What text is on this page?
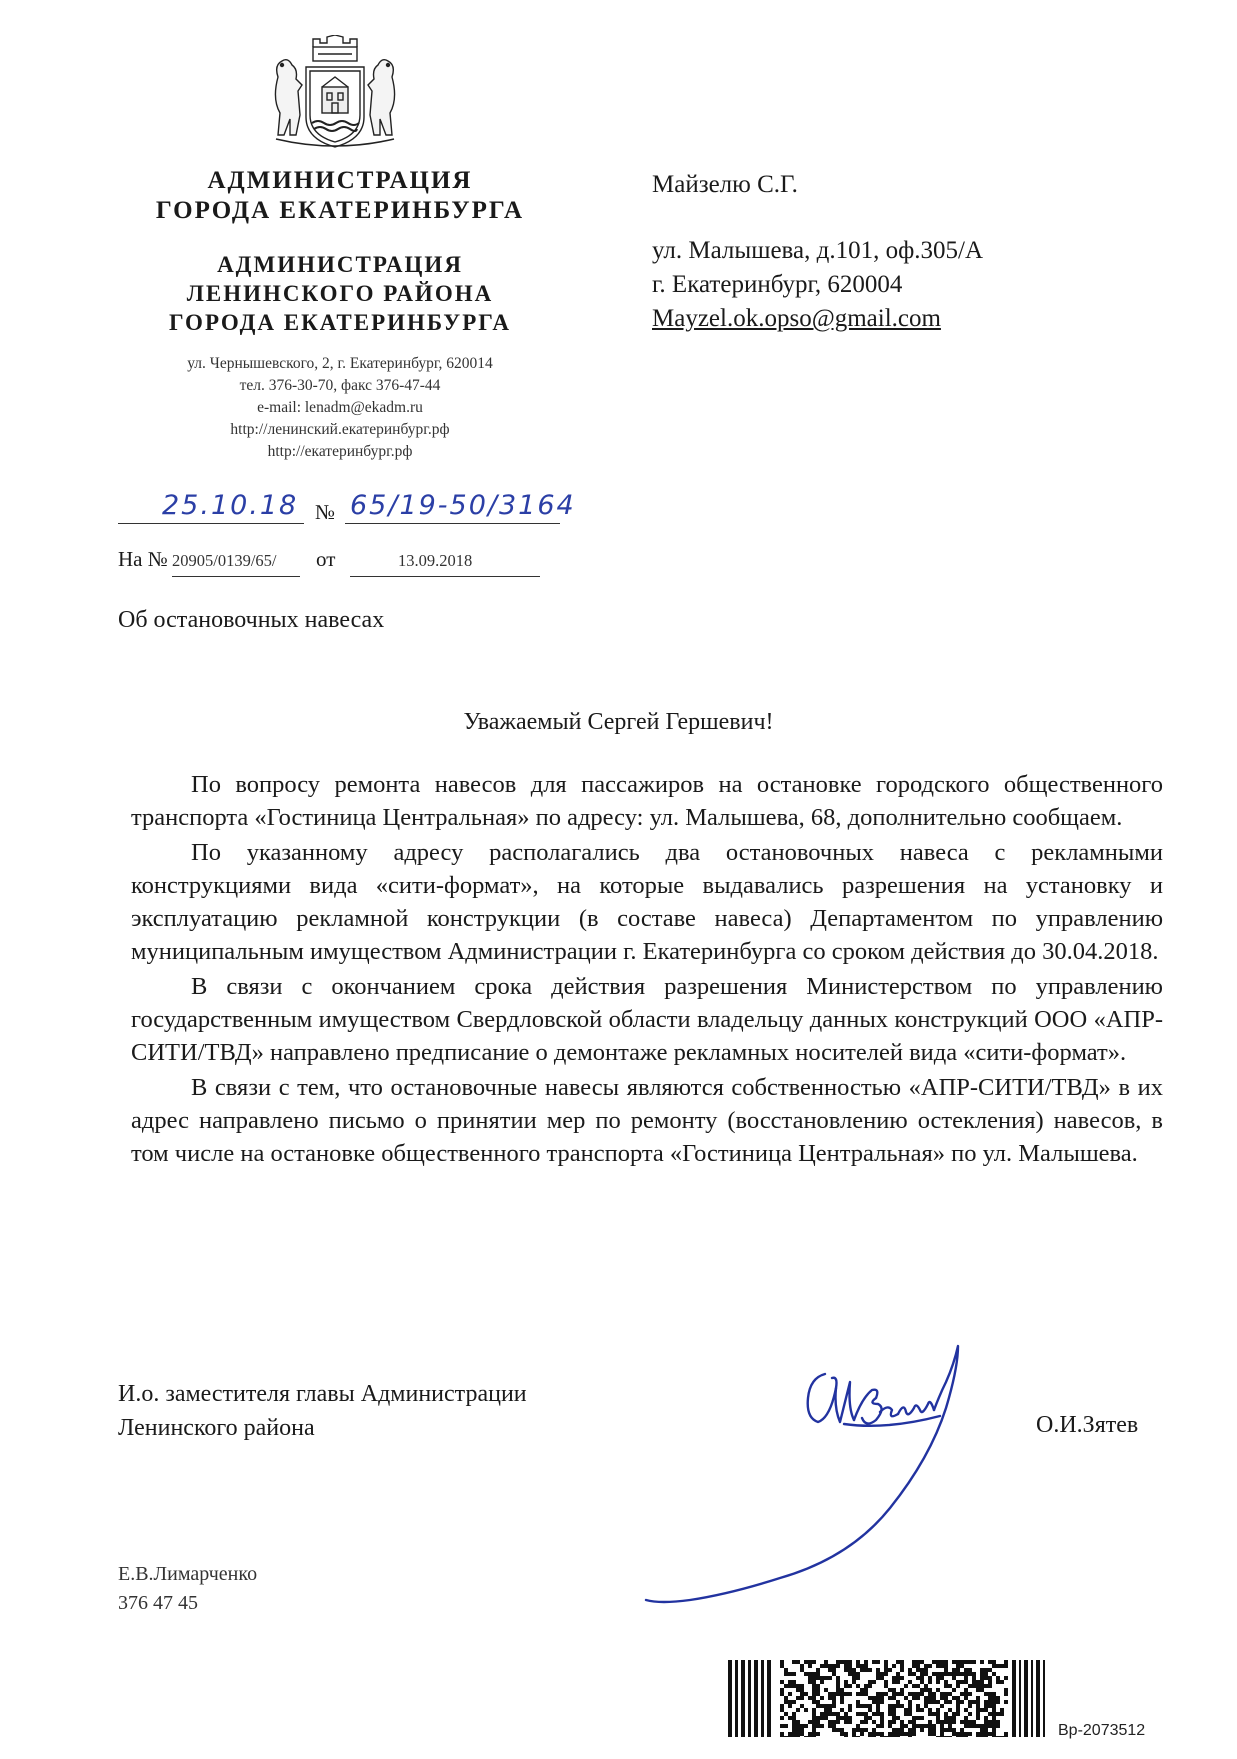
АДМИНИСТРАЦИЯ
ГОРОДА ЕКАТЕРИНБУРГА
АДМИНИСТРАЦИЯ
ЛЕНИНСКОГО РАЙОНА
ГОРОДА ЕКАТЕРИНБУРГА
ул. Чернышевского, 2, г. Екатеринбург, 620014
тел. 376-30-70, факс 376-47-44
e-mail: lenadm@ekadm.ru
http://ленинский.екатеринбург.рф
http://екатеринбург.рф
25.10.18 № 65/19-50/3164
На № 20905/0139/65/ от	13.09.2018
Майзелю С.Г.
ул. Малышева, д.101, оф.305/А
г. Екатеринбург, 620004
Mayzel.ok.opso@gmail.com
Об остановочных навесах
Уважаемый Сергей Гершевич!

По вопросу ремонта навесов для пассажиров на остановке городского общественного транспорта «Гостиница Центральная» по адресу: ул. Малышева, 68, дополнительно сообщаем.

По указанному адресу располагались два остановочных навеса с рекламными конструкциями вида «сити-формат», на которые выдавались разрешения на установку и эксплуатацию рекламной конструкции (в составе навеса) Департаментом по управлению муниципальным имуществом Администрации г. Екатеринбурга со сроком действия до 30.04.2018.

В связи с окончанием срока действия разрешения Министерством по управлению государственным имуществом Свердловской области владельцу данных конструкций ООО «АПР-СИТИ/ТВД» направлено предписание о демонтаже рекламных носителей вида «сити-формат».

В связи с тем, что остановочные навесы являются собственностью «АПР-СИТИ/ТВД» в их адрес направлено письмо о принятии мер по ремонту (восстановлению остекления) навесов, в том числе на остановке общественного транспорта «Гостиница Центральная» по ул. Малышева.

И.о. заместителя главы Администрации
Ленинского района	О.И.Зятев
Е.В.Лимарченко
376 47 45
Вр-2073512
